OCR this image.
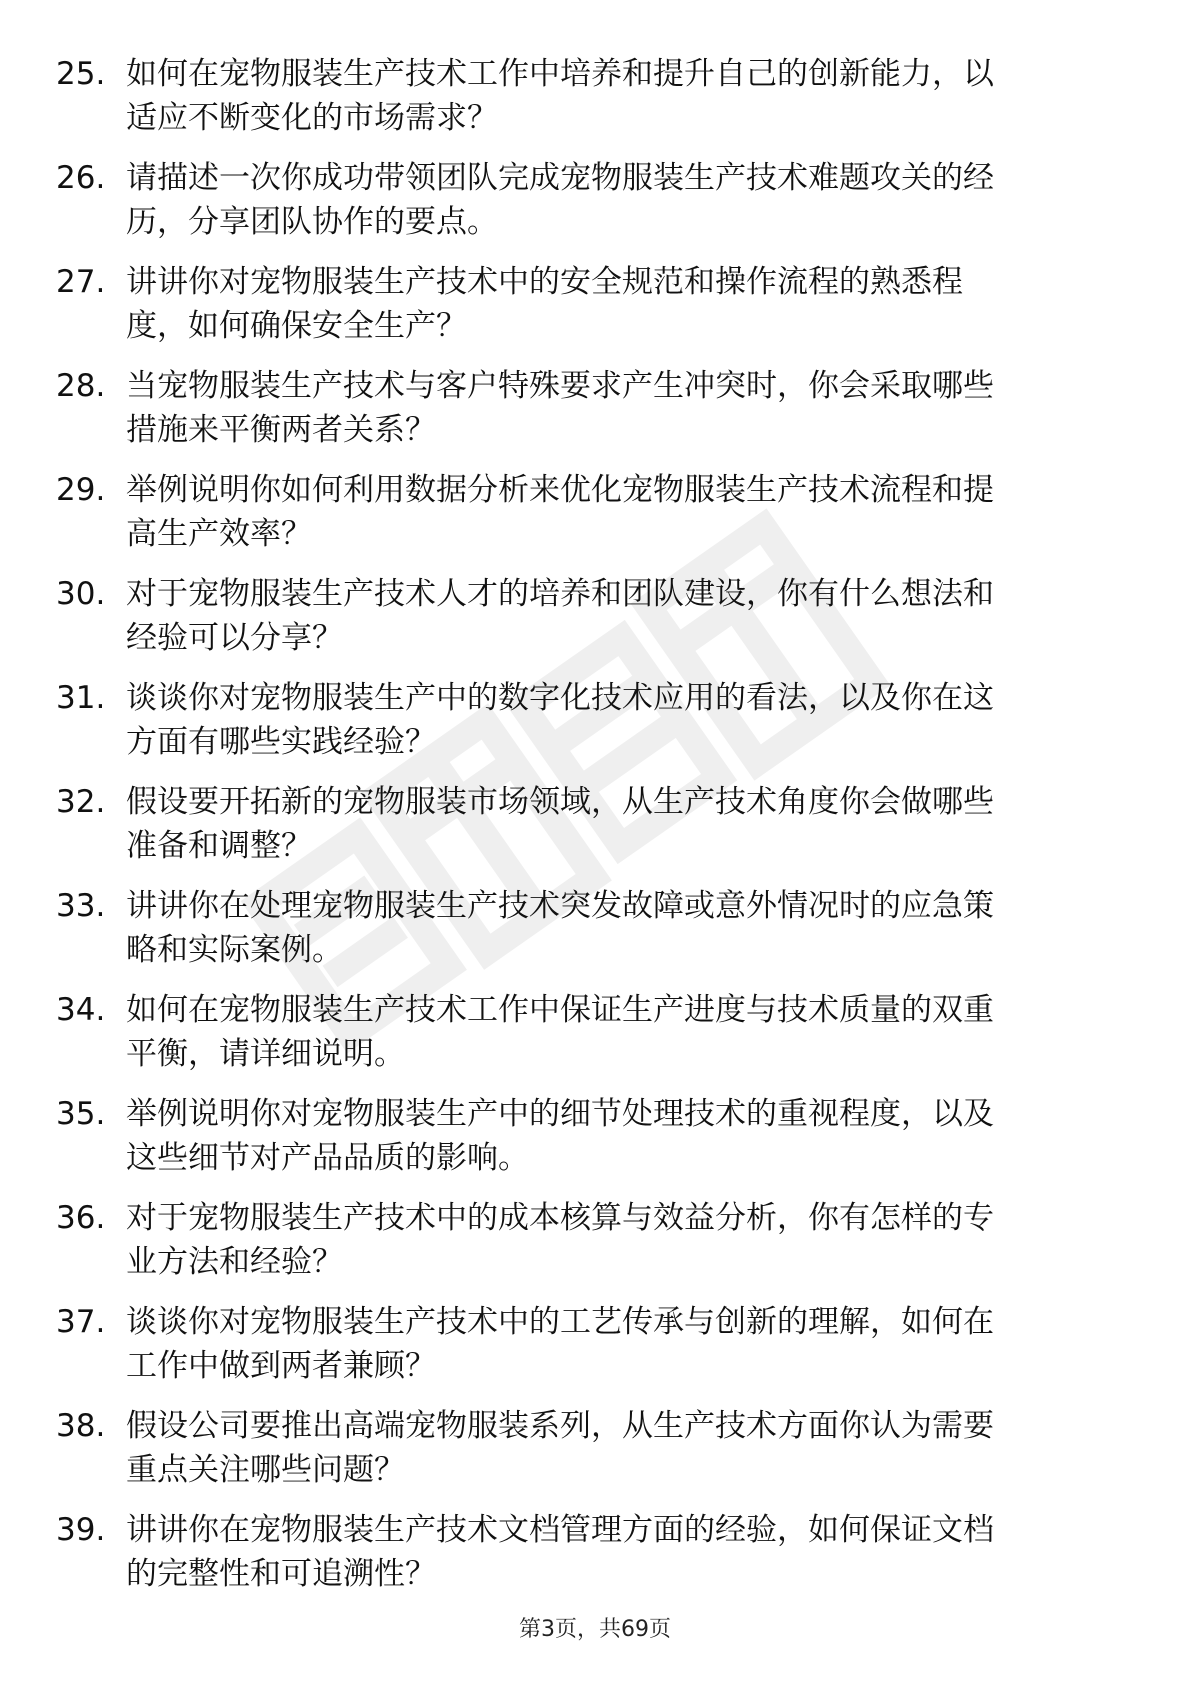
25. 如何在宠物服装生产技术工作中培养和提升自己的创新能力，以
适应不断变化的市场需求？
26. 请描述一次你成功带领团队完成宠物服装生产技术难题攻关的经
历，分享团队协作的要点。
27. 讲讲你对宠物服装生产技术中的安全规范和操作流程的熟悉程
度，如何确保安全生产？
28. 当宠物服装生产技术与客户特殊要求产生冲突时，你会采取哪些
措施来平衡两者关系？
29. 举例说明你如何利用数据分析来优化宠物服装生产技术流程和提
高生产效率？
30. 对于宠物服装生产技术人才的培养和团队建设，你有什么想法和
经验可以分享？
31. 谈谈你对宠物服装生产中的数字化技术应用的看法，以及你在这
方面有哪些实践经验？
32. 假设要开拓新的宠物服装市场领域，从生产技术角度你会做哪些
准备和调整？
33. 讲讲你在处理宠物服装生产技术突发故障或意外情况时的应急策
略和实际案例。
34. 如何在宠物服装生产技术工作中保证生产进度与技术质量的双重
平衡，请详细说明。
35. 举例说明你对宠物服装生产中的细节处理技术的重视程度，以及
这些细节对产品品质的影响。
36. 对于宠物服装生产技术中的成本核算与效益分析，你有怎样的专
业方法和经验？
37. 谈谈你对宠物服装生产技术中的工艺传承与创新的理解，如何在
工作中做到两者兼顾？
38. 假设公司要推出高端宠物服装系列，从生产技术方面你认为需要
重点关注哪些问题？
39. 讲讲你在宠物服装生产技术文档管理方面的经验，如何保证文档
的完整性和可追溯性？
第3页，共69页
